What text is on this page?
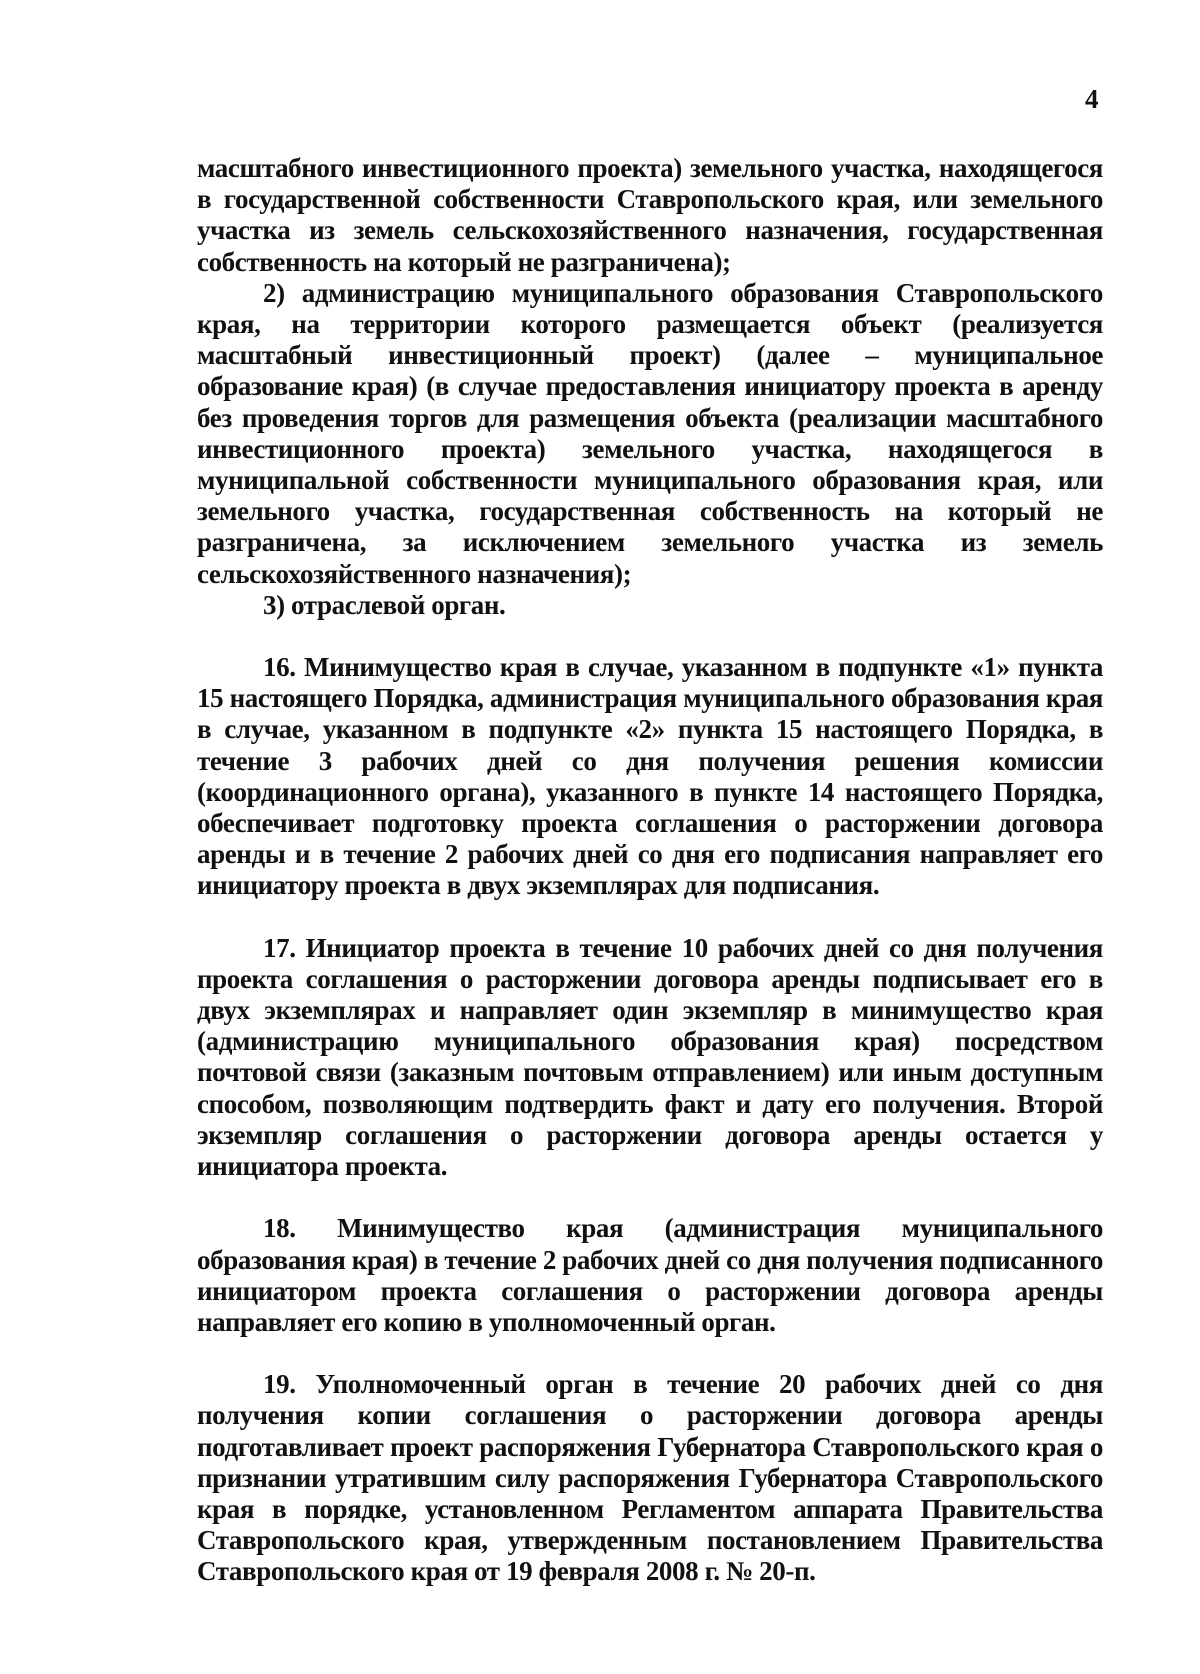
4

масштабного инвестиционного проекта) земельного участка, находящегося в государственной собственности Ставропольского края, или земельного участка из земель сельскохозяйственного назначения, государственная собственность на который не разграничена);

2) администрацию муниципального образования Ставропольского края, на территории которого размещается объект (реализуется масштабный инвестиционный проект) (далее – муниципальное образование края) (в случае предоставления инициатору проекта в аренду без проведения торгов для размещения объекта (реализации масштабного инвестиционного проекта) земельного участка, находящегося в муниципальной собственности муниципального образования края, или земельного участка, государственная собственность на который не разграничена, за исключением земельного участка из земель сельскохозяйственного назначения);

3) отраслевой орган.

16. Минимущество края в случае, указанном в подпункте «1» пункта 15 настоящего Порядка, администрация муниципального образования края в случае, указанном в подпункте «2» пункта 15 настоящего Порядка, в течение 3 рабочих дней со дня получения решения комиссии (координационного органа), указанного в пункте 14 настоящего Порядка, обеспечивает подготовку проекта соглашения о расторжении договора аренды и в течение 2 рабочих дней со дня его подписания направляет его инициатору проекта в двух экземплярах для подписания.

17. Инициатор проекта в течение 10 рабочих дней со дня получения проекта соглашения о расторжении договора аренды подписывает его в двух экземплярах и направляет один экземпляр в минимущество края (администрацию муниципального образования края) посредством почтовой связи (заказным почтовым отправлением) или иным доступным способом, позволяющим подтвердить факт и дату его получения. Второй экземпляр соглашения о расторжении договора аренды остается у инициатора проекта.

18. Минимущество края (администрация муниципального образования края) в течение 2 рабочих дней со дня получения подписанного инициатором проекта соглашения о расторжении договора аренды направляет его копию в уполномоченный орган.

19. Уполномоченный орган в течение 20 рабочих дней со дня получения копии соглашения о расторжении договора аренды подготавливает проект распоряжения Губернатора Ставропольского края о признании утратившим силу распоряжения Губернатора Ставропольского края в порядке, установленном Регламентом аппарата Правительства Ставропольского края, утвержденным постановлением Правительства Ставропольского края от 19 февраля 2008 г. № 20-п.
